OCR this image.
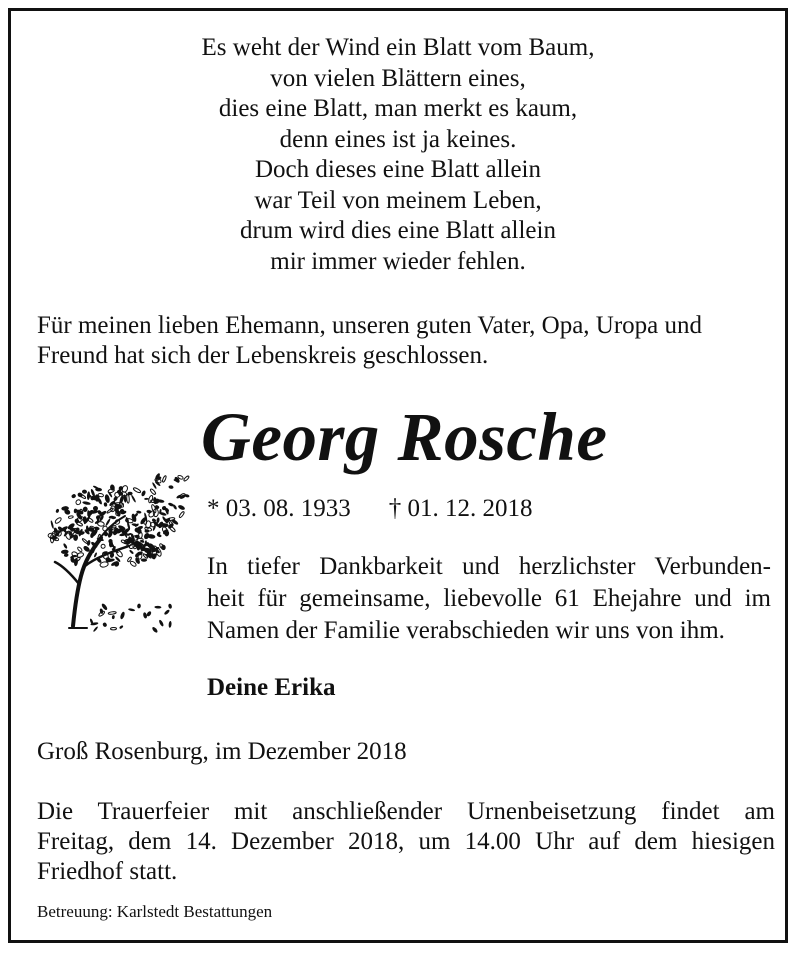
Es weht der Wind ein Blatt vom Baum,
von vielen Blättern eines,
dies eine Blatt, man merkt es kaum,
denn eines ist ja keines.
Doch dieses eine Blatt allein
war Teil von meinem Leben,
drum wird dies eine Blatt allein
mir immer wieder fehlen.
Für meinen lieben Ehemann, unseren guten Vater, Opa, Uropa und
Freund hat sich der Lebenskreis geschlossen.
Georg Rosche
* 03. 08. 1933 † 01. 12. 2018
In tiefer Dankbarkeit und herzlichster Verbunden-
heit für gemeinsame, liebevolle 61 Ehejahre und im
Namen der Familie verabschieden wir uns von ihm.
Deine Erika
Groß Rosenburg, im Dezember 2018
Die Trauerfeier mit anschließender Urnenbeisetzung findet am
Freitag, dem 14. Dezember 2018, um 14.00 Uhr auf dem hiesigen
Friedhof statt.
Betreuung: Karlstedt Bestattungen
